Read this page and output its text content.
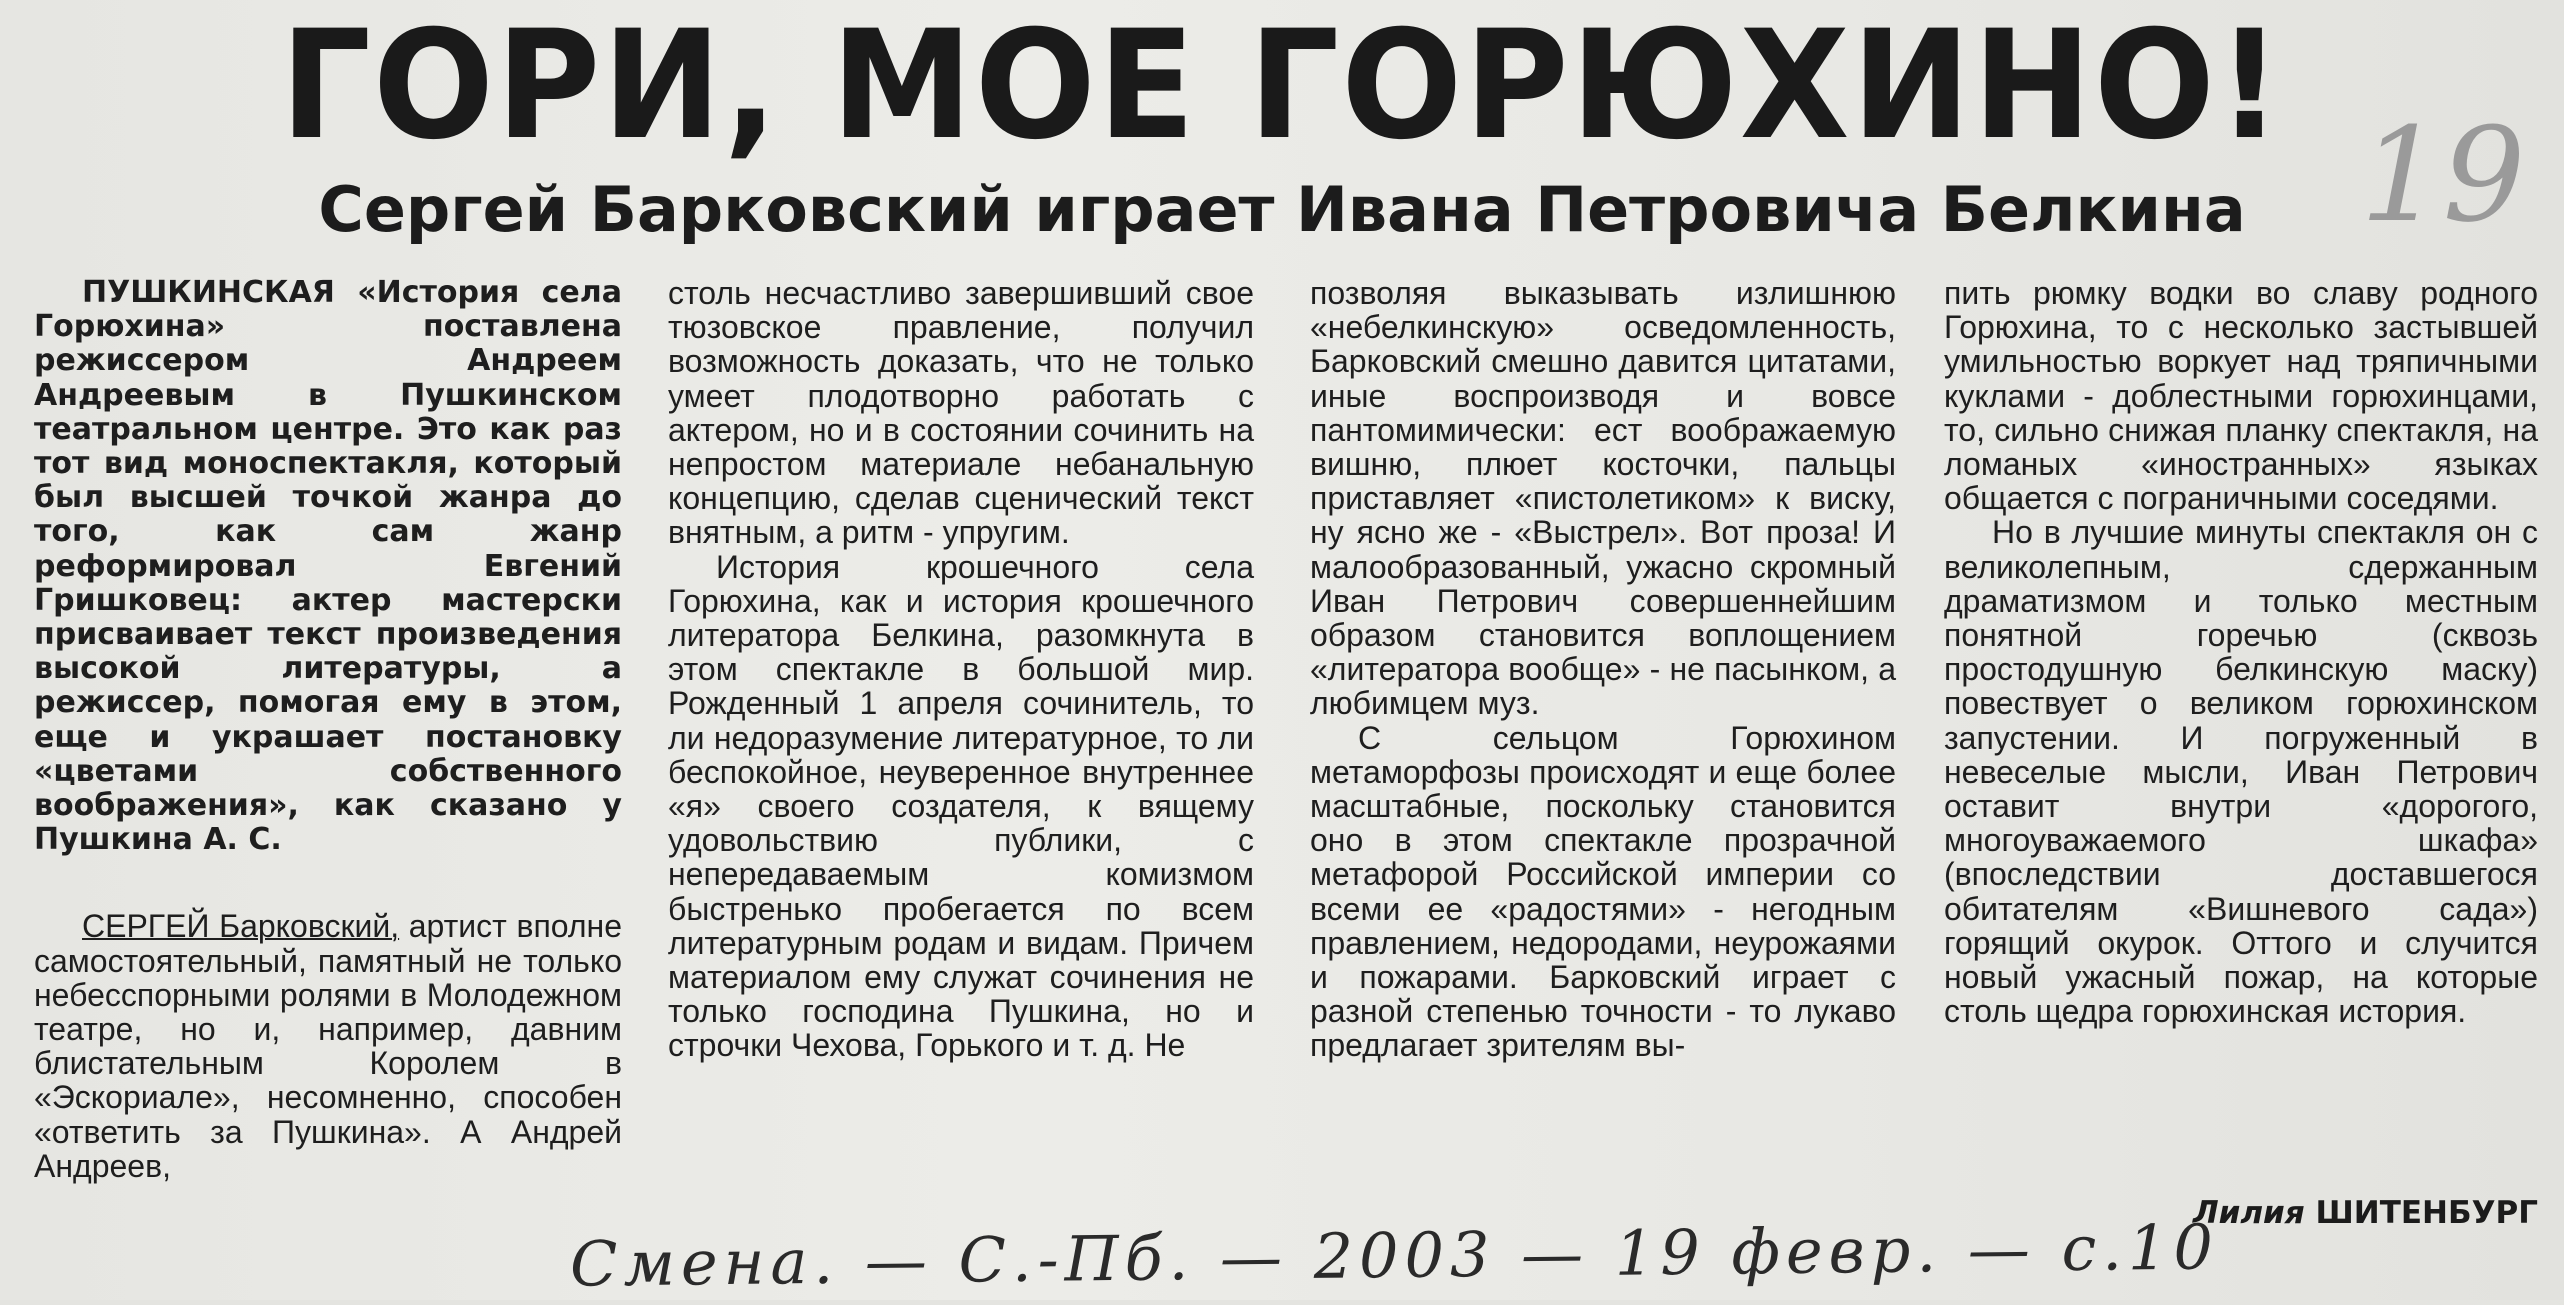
ГОРИ, МОЕ ГОРЮХИНО!
Сергей Барковский играет Ивана Петровича Белкина 19

ПУШКИНСКАЯ «История села Горюхина» поставлена режиссером Андреем Андреевым в Пушкинском театральном центре. Это как раз тот вид моноспектакля, который был высшей точкой жанра до того, как сам жанр реформировал Евгений Гришковец: актер мастерски присваивает текст произведения высокой литературы, а режиссер, помогая ему в этом, еще и украшает постановку «цветами собственного воображения», как сказано у Пушкина А. С.

СЕРГЕЙ Барковский, артист вполне самостоятельный, памятный не только небесспорными ролями в Молодежном театре, но и, например, давним блистательным Королем в «Эскориале», несомненно, способен «ответить за Пушкина». А Андрей Андреев,

столь несчастливо завершивший свое тюзовское правление, получил возможность доказать, что не только умеет плодотворно работать с актером, но и в состоянии сочинить на непростом материале небанальную концепцию, сделав сценический текст внятным, а ритм - упругим.

История крошечного села Горюхина, как и история крошечного литератора Белкина, разомкнута в этом спектакле в большой мир. Рожденный 1 апреля сочинитель, то ли недоразумение литературное, то ли беспокойное, неуверенное внутреннее «я» своего создателя, к вящему удовольствию публики, с непередаваемым комизмом быстренько пробегается по всем литературным родам и видам. Причем материалом ему служат сочинения не только господина Пушкина, но и строчки Чехова, Горького и т. д. Не

позволяя выказывать излишнюю «небелкинскую» осведомленность, Барковский смешно давится цитатами, иные воспроизводя и вовсе пантомимически: ест воображаемую вишню, плюет косточки, пальцы приставляет «пистолетиком» к виску, ну ясно же - «Выстрел». Вот проза! И малообразованный, ужасно скромный Иван Петрович совершеннейшим образом становится воплощением «литератора вообще» - не пасынком, а любимцем муз.

С сельцом Горюхином метаморфозы происходят и еще более масштабные, поскольку становится оно в этом спектакле прозрачной метафорой Российской империи со всеми ее «радостями» - негодным правлением, недородами, неурожаями и пожарами. Барковский играет с разной степенью точности - то лукаво предлагает зрителям вы-

пить рюмку водки во славу родного Горюхина, то с несколько застывшей умильностью воркует над тряпичными куклами - доблестными горюхинцами, то, сильно снижая планку спектакля, на ломаных «иностранных» языках общается с пограничными соседями.

Но в лучшие минуты спектакля он с великолепным, сдержанным драматизмом и только местным понятной горечью (сквозь простодушную белкинскую маску) повествует о великом горюхинском запустении. И погруженный в невеселые мысли, Иван Петрович оставит внутри «дорогого, многоуважаемого шкафа» (впоследствии доставшегося обитателям «Вишневого сада») горящий окурок. Оттого и случится новый ужасный пожар, на которые столь щедра горюхинская история.

Лилия ШИТЕНБУРГ
Смена. — С.-Пб. — 2003 — 19 февр. — с.10
